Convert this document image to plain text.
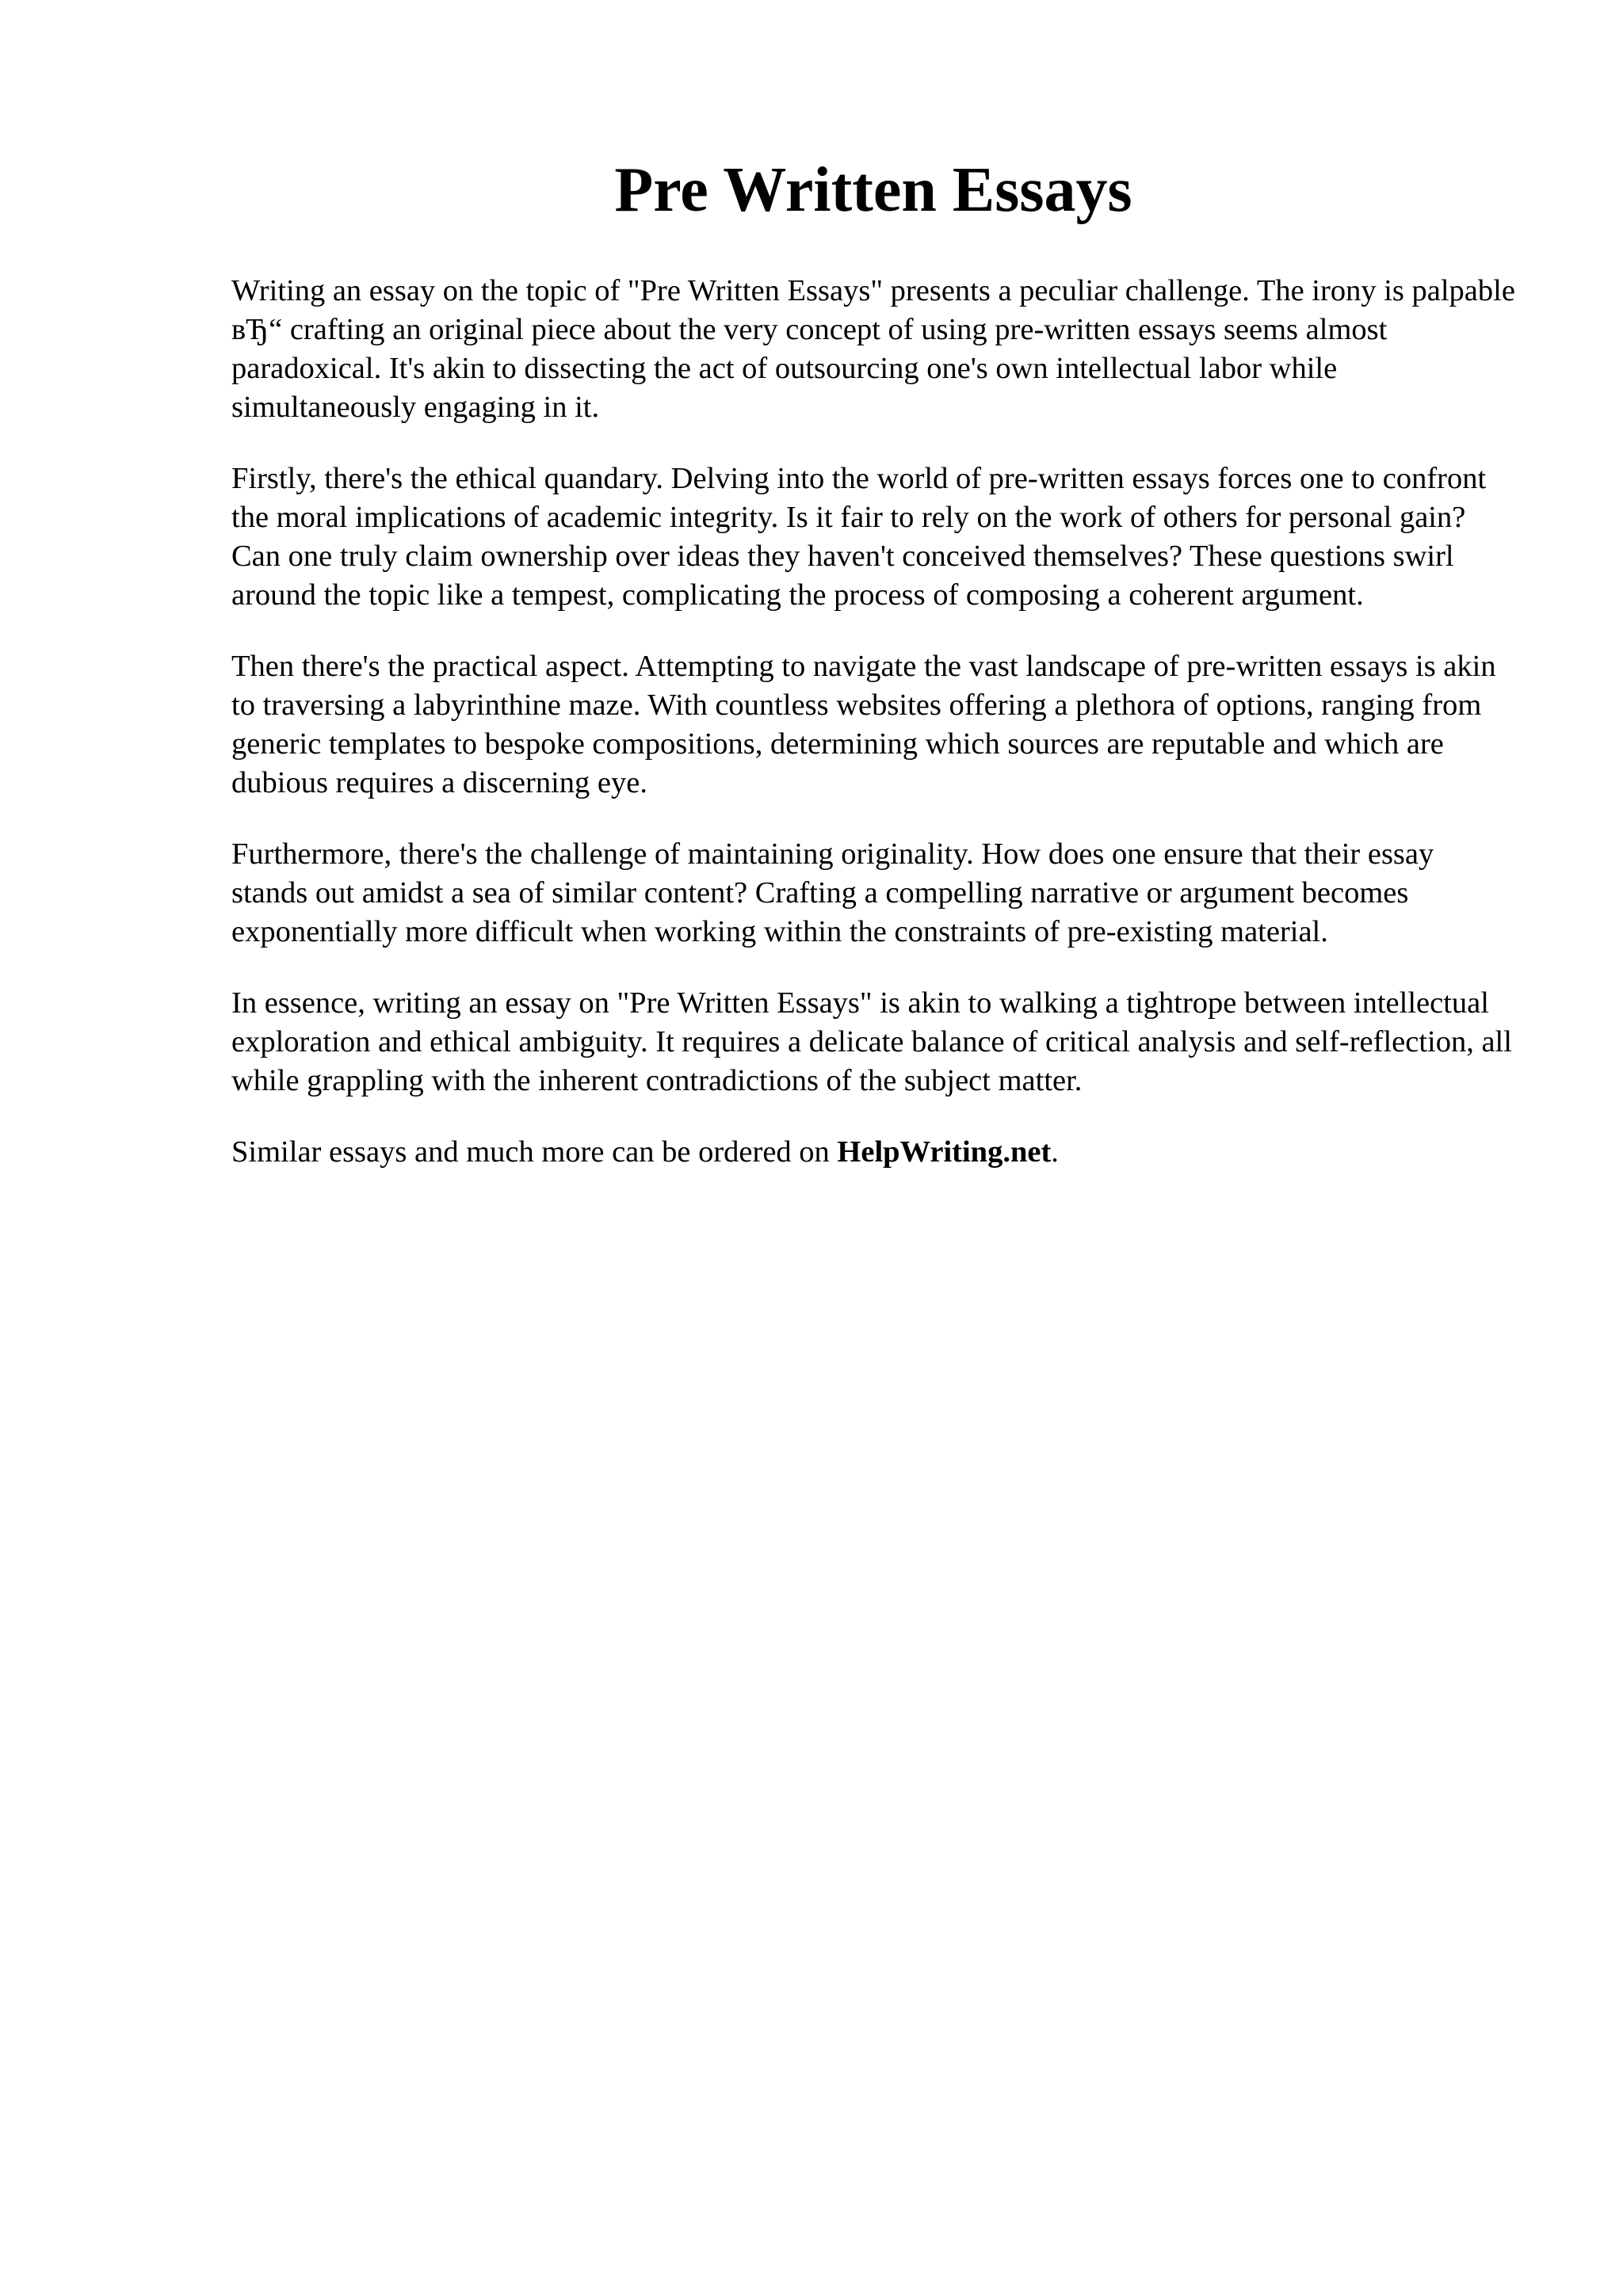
Pre Written Essays

Writing an essay on the topic of "Pre Written Essays" presents a peculiar challenge. The irony is palpable вЂ“ crafting an original piece about the very concept of using pre-written essays seems almost paradoxical. It's akin to dissecting the act of outsourcing one's own intellectual labor while simultaneously engaging in it.

Firstly, there's the ethical quandary. Delving into the world of pre-written essays forces one to confront the moral implications of academic integrity. Is it fair to rely on the work of others for personal gain? Can one truly claim ownership over ideas they haven't conceived themselves? These questions swirl around the topic like a tempest, complicating the process of composing a coherent argument.

Then there's the practical aspect. Attempting to navigate the vast landscape of pre-written essays is akin to traversing a labyrinthine maze. With countless websites offering a plethora of options, ranging from generic templates to bespoke compositions, determining which sources are reputable and which are dubious requires a discerning eye.

Furthermore, there's the challenge of maintaining originality. How does one ensure that their essay stands out amidst a sea of similar content? Crafting a compelling narrative or argument becomes exponentially more difficult when working within the constraints of pre-existing material.

In essence, writing an essay on "Pre Written Essays" is akin to walking a tightrope between intellectual exploration and ethical ambiguity. It requires a delicate balance of critical analysis and self-reflection, all while grappling with the inherent contradictions of the subject matter.

Similar essays and much more can be ordered on HelpWriting.net.
